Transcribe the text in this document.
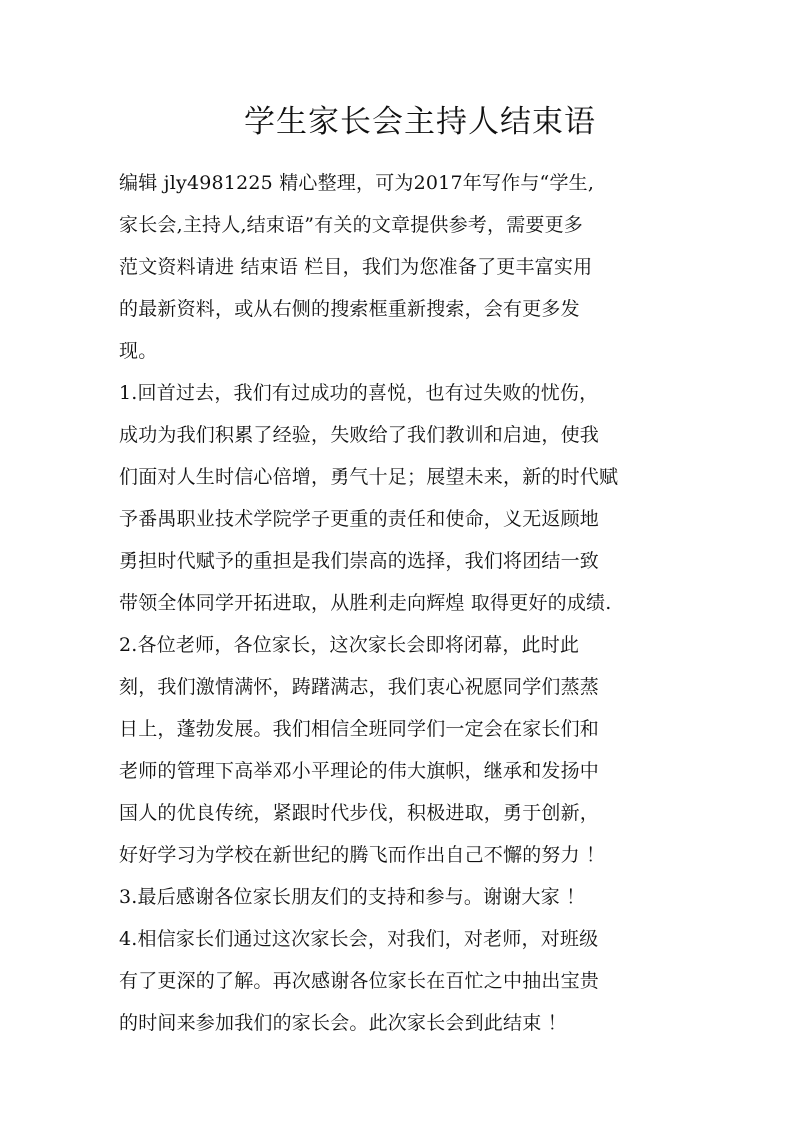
学生家长会主持人结束语
编辑 jly4981225 精心整理，可为2017年写作与“学生,
家长会,主持人,结束语”有关的文章提供参考，需要更多
范文资料请进 结束语 栏目，我们为您准备了更丰富实用
的最新资料，或从右侧的搜索框重新搜索，会有更多发
现。
1.回首过去，我们有过成功的喜悦，也有过失败的忧伤，
成功为我们积累了经验，失败给了我们教训和启迪，使我
们面对人生时信心倍增，勇气十足；展望未来，新的时代赋
予番禺职业技术学院学子更重的责任和使命，义无返顾地
勇担时代赋予的重担是我们崇高的选择，我们将团结一致
带领全体同学开拓进取，从胜利走向辉煌 取得更好的成绩.
2.各位老师，各位家长，这次家长会即将闭幕，此时此
刻，我们激情满怀，踌躇满志，我们衷心祝愿同学们蒸蒸
日上，蓬勃发展。我们相信全班同学们一定会在家长们和
老师的管理下高举邓小平理论的伟大旗帜，继承和发扬中
国人的优良传统，紧跟时代步伐，积极进取，勇于创新，
好好学习为学校在新世纪的腾飞而作出自己不懈的努力 ！
3.最后感谢各位家长朋友们的支持和参与。谢谢大家 ！
4.相信家长们通过这次家长会，对我们，对老师，对班级
有了更深的了解。再次感谢各位家长在百忙之中抽出宝贵
的时间来参加我们的家长会。此次家长会到此结束 ！
